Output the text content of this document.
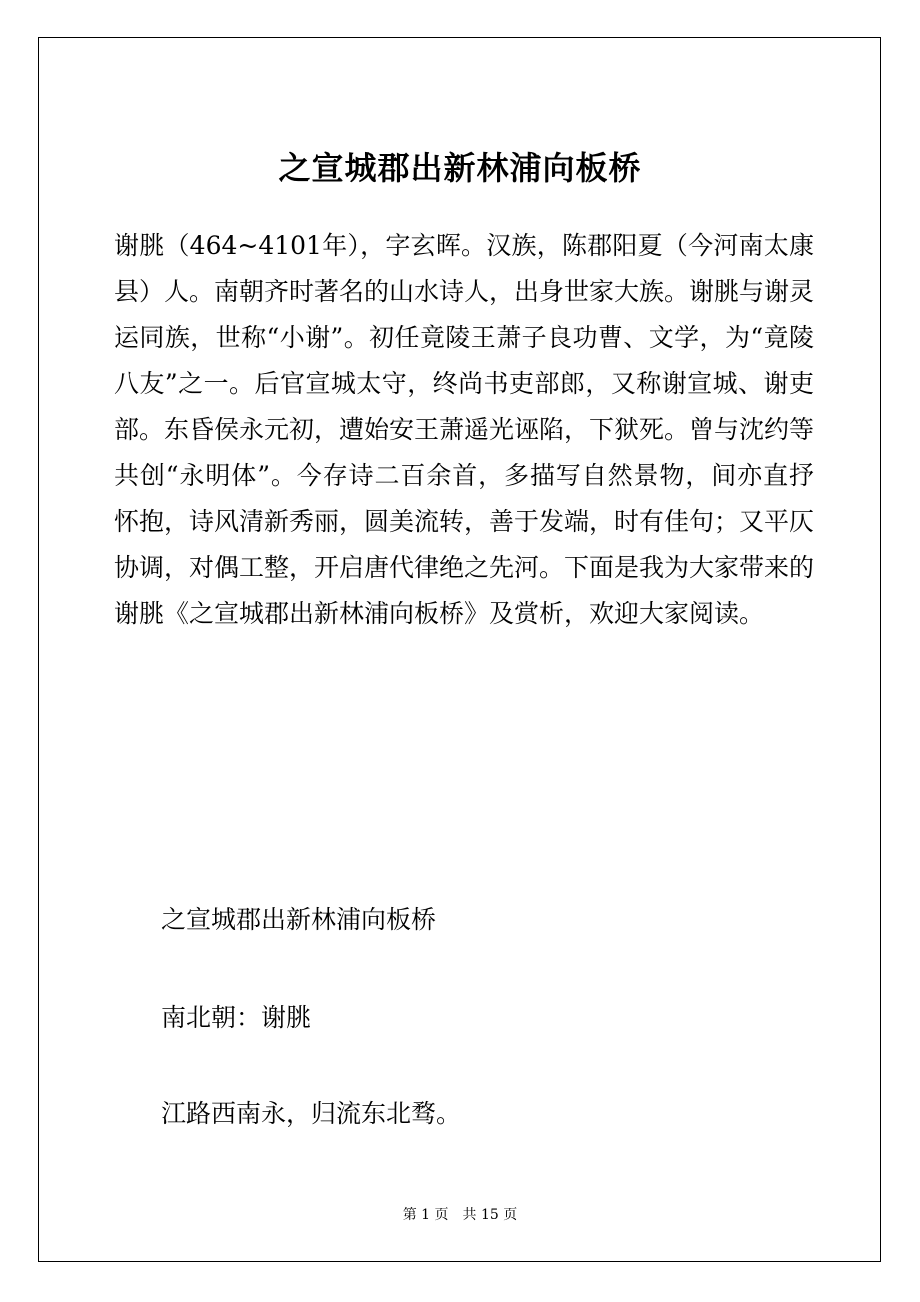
之宣城郡出新林浦向板桥

谢朓（464~4101年），字玄晖。汉族，陈郡阳夏（今河南太康县）人。南朝齐时著名的山水诗人，出身世家大族。谢朓与谢灵运同族，世称“小谢”。初任竟陵王萧子良功曹、文学，为“竟陵八友”之一。后官宣城太守，终尚书吏部郎，又称谢宣城、谢吏部。东昏侯永元初，遭始安王萧遥光诬陷，下狱死。曾与沈约等共创“永明体”。今存诗二百余首，多描写自然景物，间亦直抒怀抱，诗风清新秀丽，圆美流转，善于发端，时有佳句；又平仄协调，对偶工整，开启唐代律绝之先河。下面是我为大家带来的谢朓《之宣城郡出新林浦向板桥》及赏析，欢迎大家阅读。

之宣城郡出新林浦向板桥

南北朝：谢朓

江路西南永，归流东北骛。

第 1 页　共 15 页
